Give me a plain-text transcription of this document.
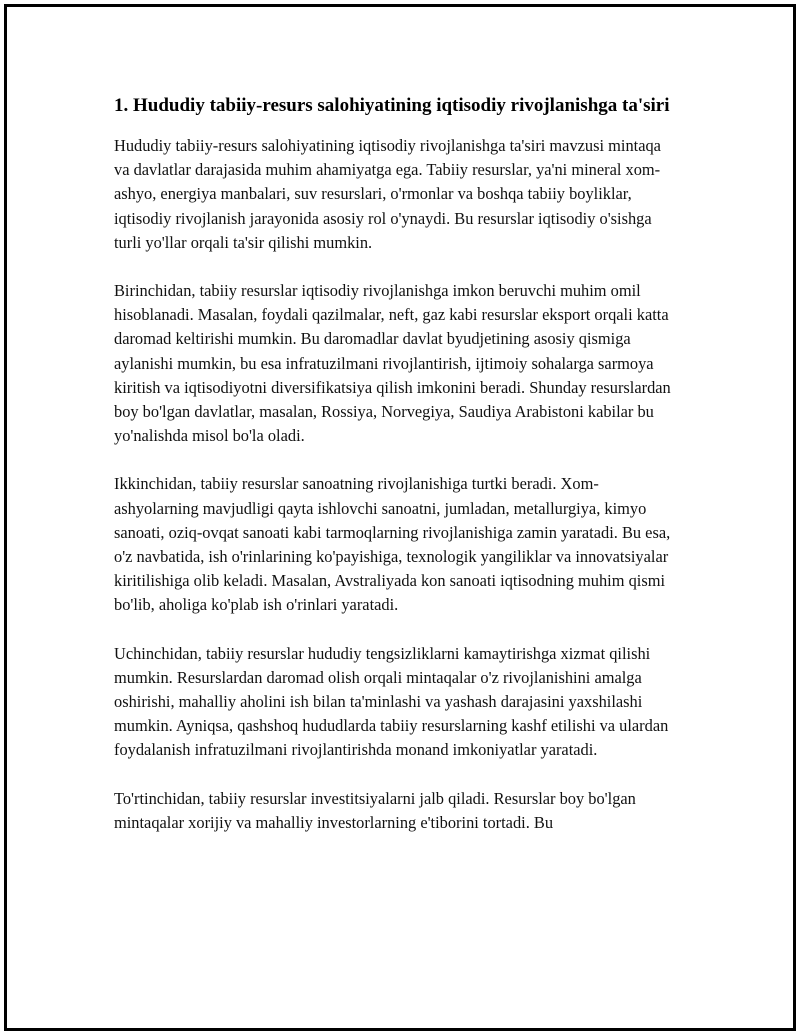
1. Hududiy tabiiy-resurs salohiyatining iqtisodiy rivojlanishga ta'siri

Hududiy tabiiy-resurs salohiyatining iqtisodiy rivojlanishga ta'siri mavzusi mintaqa va davlatlar darajasida muhim ahamiyatga ega. Tabiiy resurslar, ya'ni mineral xom-ashyo, energiya manbalari, suv resurslari, o'rmonlar va boshqa tabiiy boyliklar, iqtisodiy rivojlanish jarayonida asosiy rol o'ynaydi. Bu resurslar iqtisodiy o'sishga turli yo'llar orqali ta'sir qilishi mumkin.

Birinchidan, tabiiy resurslar iqtisodiy rivojlanishga imkon beruvchi muhim omil hisoblanadi. Masalan, foydali qazilmalar, neft, gaz kabi resurslar eksport orqali katta daromad keltirishi mumkin. Bu daromadlar davlat byudjetining asosiy qismiga aylanishi mumkin, bu esa infratuzilmani rivojlantirish, ijtimoiy sohalarga sarmoya kiritish va iqtisodiyotni diversifikatsiya qilish imkonini beradi. Shunday resurslardan boy bo'lgan davlatlar, masalan, Rossiya, Norvegiya, Saudiya Arabistoni kabilar bu yo'nalishda misol bo'la oladi.

Ikkinchidan, tabiiy resurslar sanoatning rivojlanishiga turtki beradi. Xom-ashyolarning mavjudligi qayta ishlovchi sanoatni, jumladan, metallurgiya, kimyo sanoati, oziq-ovqat sanoati kabi tarmoqlarning rivojlanishiga zamin yaratadi. Bu esa, o'z navbatida, ish o'rinlarining ko'payishiga, texnologik yangiliklar va innovatsiyalar kiritilishiga olib keladi. Masalan, Avstraliyada kon sanoati iqtisodning muhim qismi bo'lib, aholiga ko'plab ish o'rinlari yaratadi.

Uchinchidan, tabiiy resurslar hududiy tengsizliklarni kamaytirishga xizmat qilishi mumkin. Resurslardan daromad olish orqali mintaqalar o'z rivojlanishini amalga oshirishi, mahalliy aholini ish bilan ta'minlashi va yashash darajasini yaxshilashi mumkin. Ayniqsa, qashshoq hududlarda tabiiy resurslarning kashf etilishi va ulardan foydalanish infratuzilmani rivojlantirishda monand imkoniyatlar yaratadi.

To'rtinchidan, tabiiy resurslar investitsiyalarni jalb qiladi. Resurslar boy bo'lgan mintaqalar xorijiy va mahalliy investorlarning e'tiborini tortadi. Bu
